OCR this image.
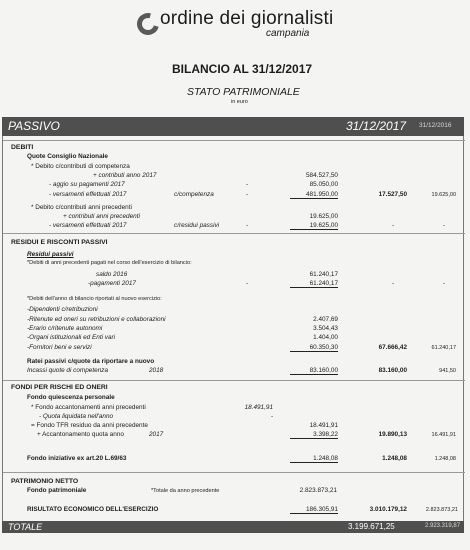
ordine dei giornalisti
campania
BILANCIO AL 31/12/2017
STATO PATRIMONIALE
in euro
PASSIVO	31/12/2017 31/12/2016
DEBITI
Quote Consiglio Nazionale
* Debito c/contributi di competenza
+ contributi anno 2017	584.527,50
- aggio su pagamenti 2017	-	85.050,00
- versamenti effettuati 2017	c/competenza	-	481.950,00	17.527,50	19.625,00
* Debito c/contributi anni precedenti
+ contributi anni precedenti	19.625,00
- versamenti effettuati 2017	c/residui passivi	-	19.625,00	-	-
RESIDUI E RISCONTI PASSIVI
Residui passivi
*Debiti di anni precedenti pagati nel corso dell'esercizio di bilancio:
saldo 2016	61.240,17
-pagamenti 2017	-	61.240,17	-	-
*Debiti dell'anno di bilancio riportati al nuovo esercizio:
-Dipendenti c/retribuzioni
-Ritenute ed oneri su retribuzioni e collaborazioni	2.407,69
-Erario c/ritenute autonomi	3.504,43
-Organi istituzionali ed Enti vari	1.404,00
-Fornitori beni e servizi	60.350,30	67.666,42	61.240,17
Ratei passivi c/quote da riportare a nuovo
Incassi quote di competenza	2018	83.160,00	83.160,00	941,50
FONDI PER RISCHI ED ONERI
Fondo quiescenza personale
* Fondo accantonamenti anni precedenti	18.491,91
- Quota liquidata nell'anno	-
= Fondo TFR residuo da anni precedente	18.491,91
+ Accantonamento quota anno	2017	3.398,22	19.890,13	16.491,91
Fondo iniziative ex art.20 L.69/63	1.248,08	1.248,08	1.248,08
PATRIMONIO NETTO
Fondo patrimoniale	*Totale da anno precedente	2.823.873,21
RISULTATO ECONOMICO DELL'ESERCIZIO	186.305,91	3.010.179,12	2.823.873,21
TOTALE	3.199.671,25	2.923.319,87
